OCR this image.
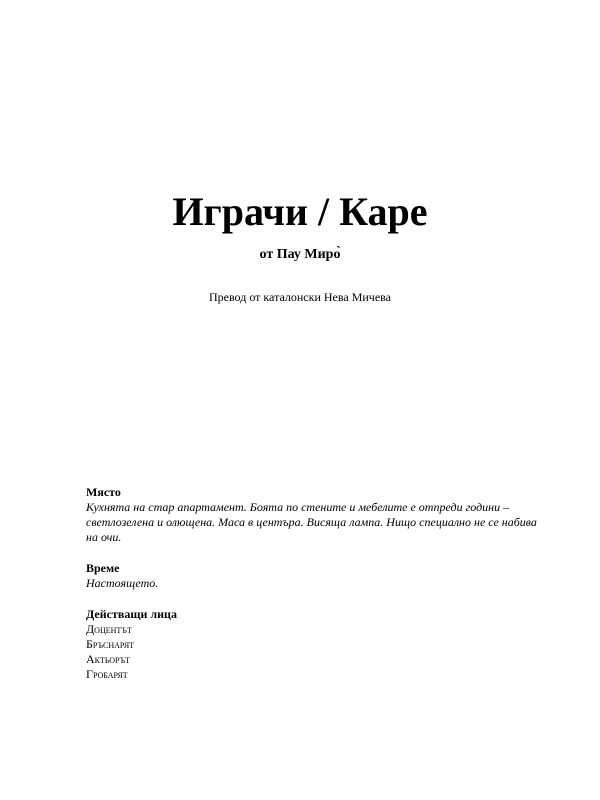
Играчи / Каре
от Пау Миро̀
Превод от каталонски Нева Мичева

Място

Кухнята на стар апартамент. Боята по стените и мебелите е отпреди години – светлозелена и олющена. Маса в центъра. Висяща лампа. Нищо специално не се набива на очи.

Време

Настоящето.

Действащи лица

Доцентът

Бръснарят

Актьорът

Гробарят
